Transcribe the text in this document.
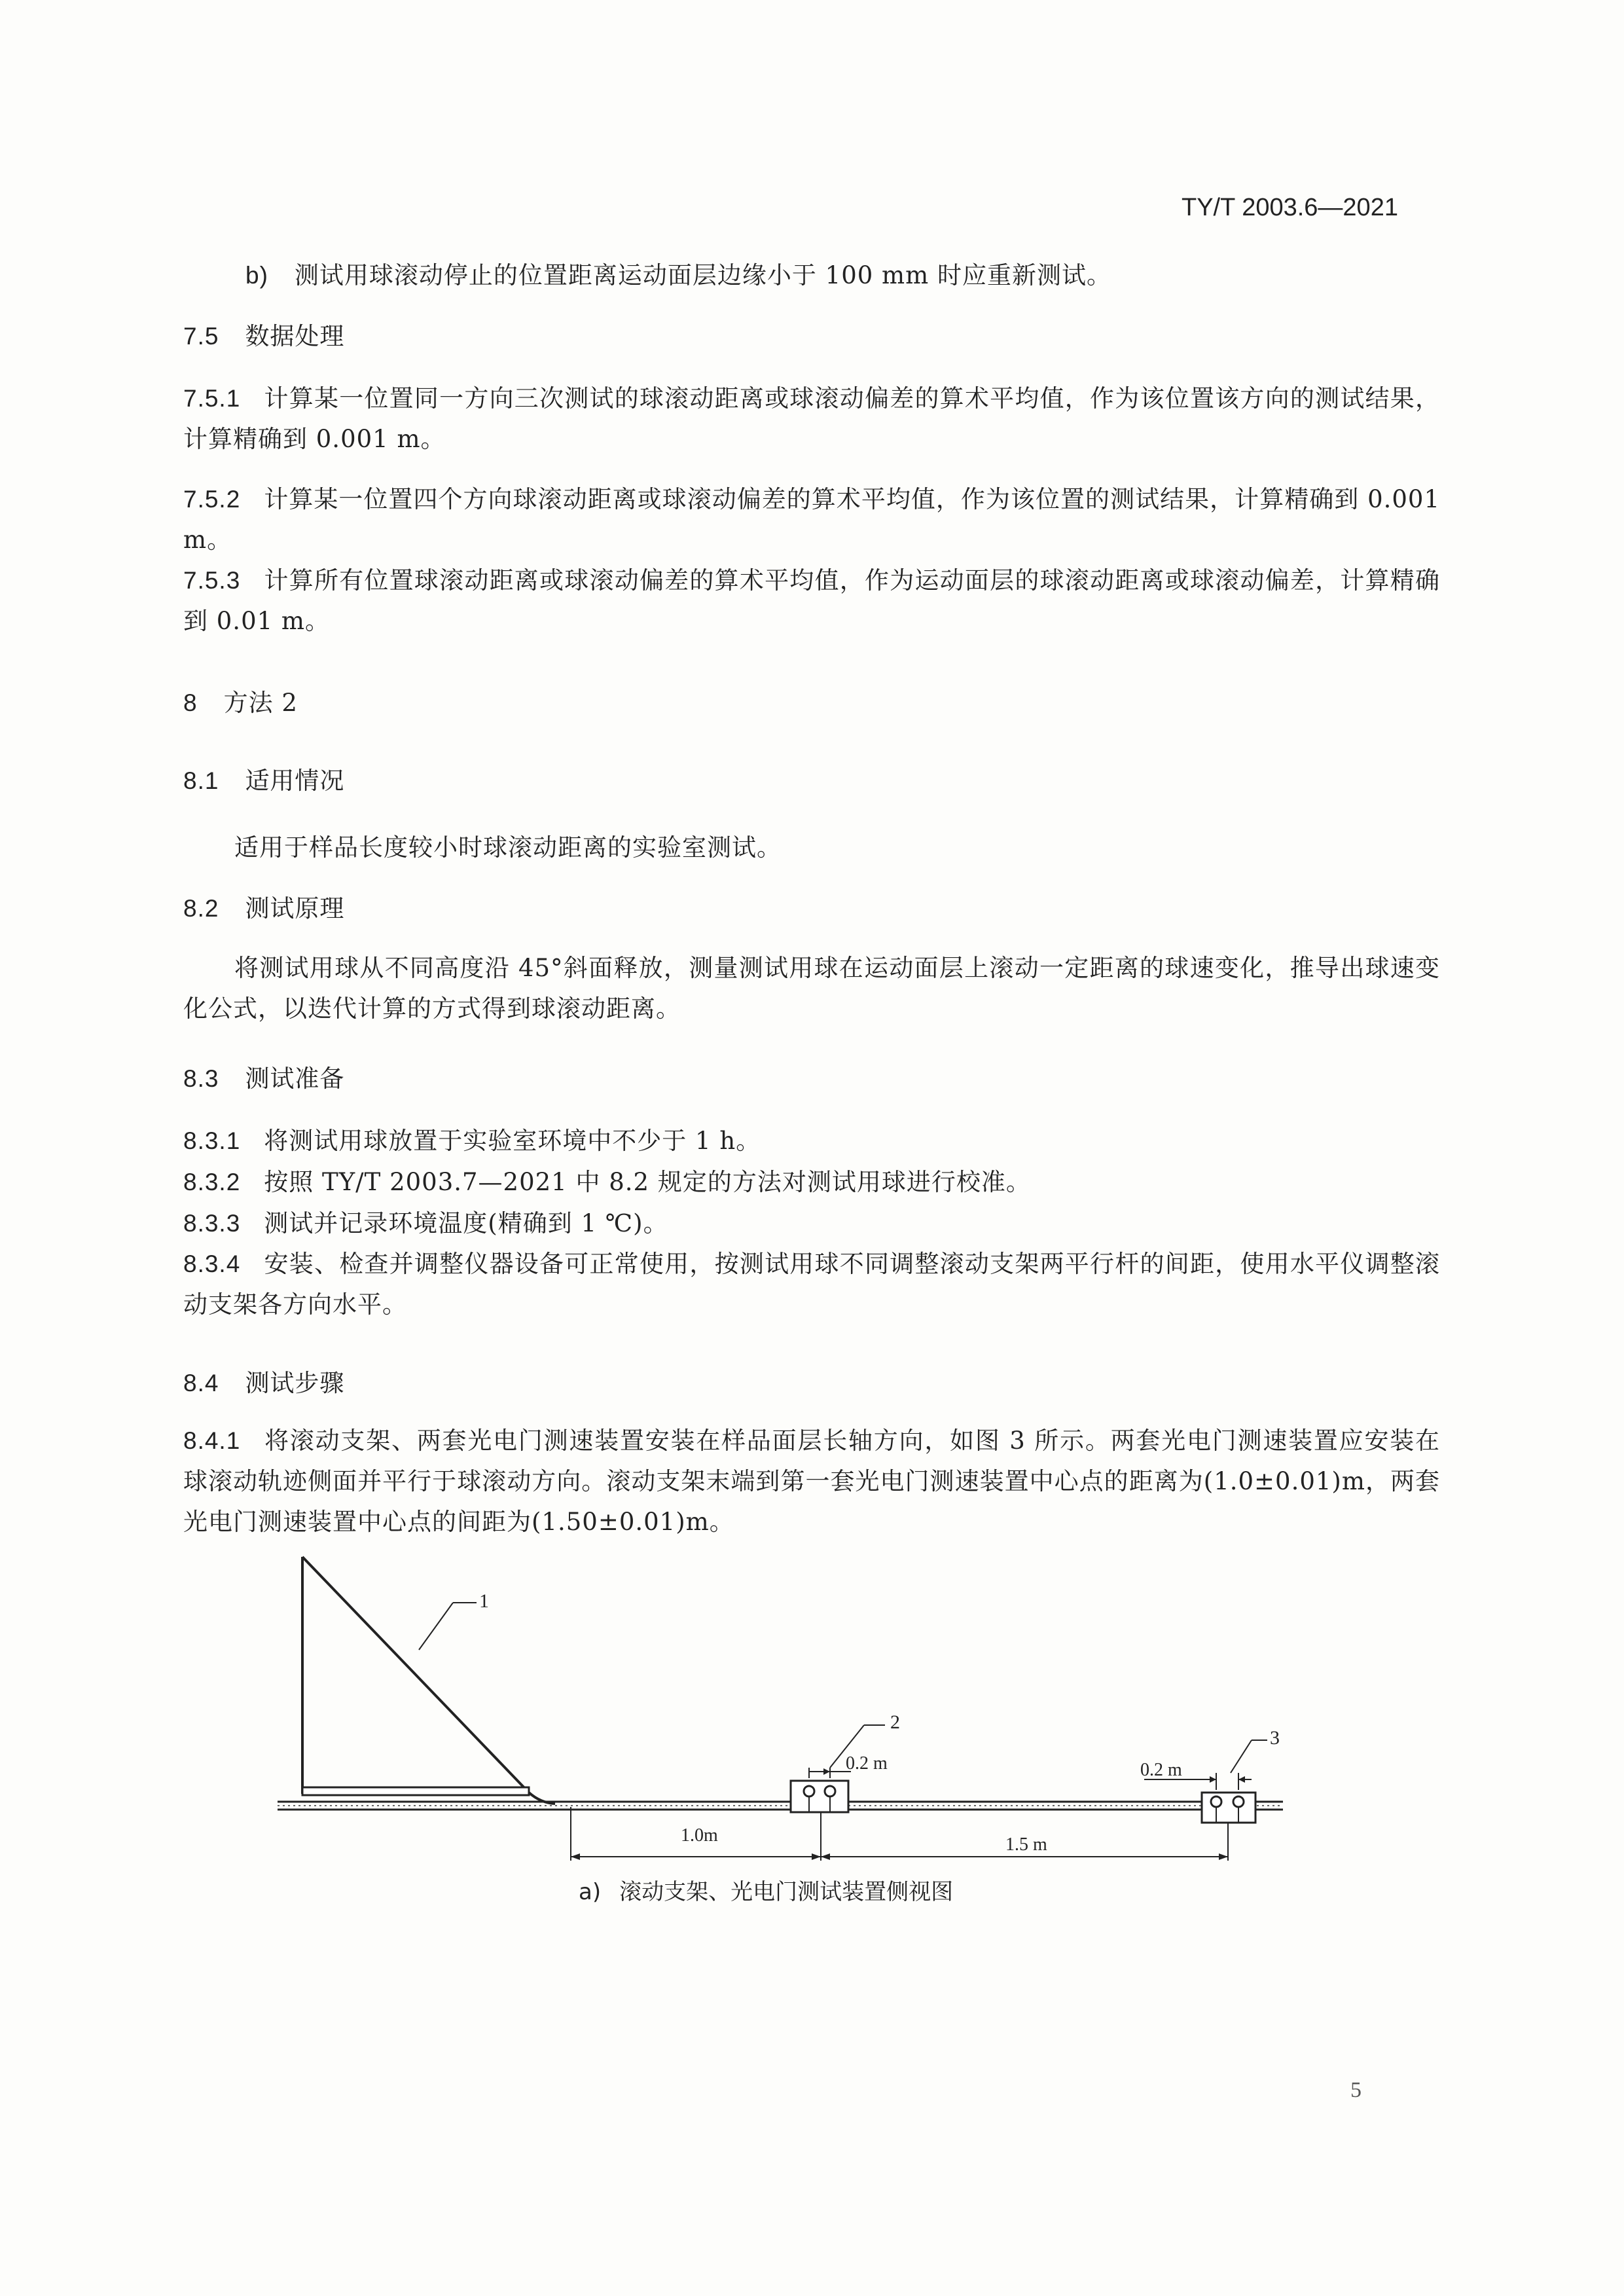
TY/T 2003.6—2021
b) 测试用球滚动停止的位置距离运动面层边缘小于 100 mm 时应重新测试。
7.5 数据处理
7.5.1 计算某一位置同一方向三次测试的球滚动距离或球滚动偏差的算术平均值，作为该位置该方向的测试结果，计算精确到 0.001 m。
7.5.2 计算某一位置四个方向球滚动距离或球滚动偏差的算术平均值，作为该位置的测试结果，计算精确到 0.001 m。
7.5.3 计算所有位置球滚动距离或球滚动偏差的算术平均值，作为运动面层的球滚动距离或球滚动偏差，计算精确到 0.01 m。
8 方法 2
8.1 适用情况
适用于样品长度较小时球滚动距离的实验室测试。
8.2 测试原理
将测试用球从不同高度沿 45°斜面释放，测量测试用球在运动面层上滚动一定距离的球速变化，推导出球速变化公式，以迭代计算的方式得到球滚动距离。
8.3 测试准备
8.3.1 将测试用球放置于实验室环境中不少于 1 h。
8.3.2 按照 TY/T 2003.7—2021 中 8.2 规定的方法对测试用球进行校准。
8.3.3 测试并记录环境温度(精确到 1 ℃)。
8.3.4 安装、检查并调整仪器设备可正常使用，按测试用球不同调整滚动支架两平行杆的间距，使用水平仪调整滚动支架各方向水平。
8.4 测试步骤
8.4.1 将滚动支架、两套光电门测速装置安装在样品面层长轴方向，如图 3 所示。两套光电门测速装置应安装在球滚动轨迹侧面并平行于球滚动方向。滚动支架末端到第一套光电门测速装置中心点的距离为(1.0±0.01)m，两套光电门测速装置中心点的间距为(1.50±0.01)m。
1
2
3
0.2 m	0.2 m
1.0m	1.5 m
a) 滚动支架、光电门测试装置侧视图
5
